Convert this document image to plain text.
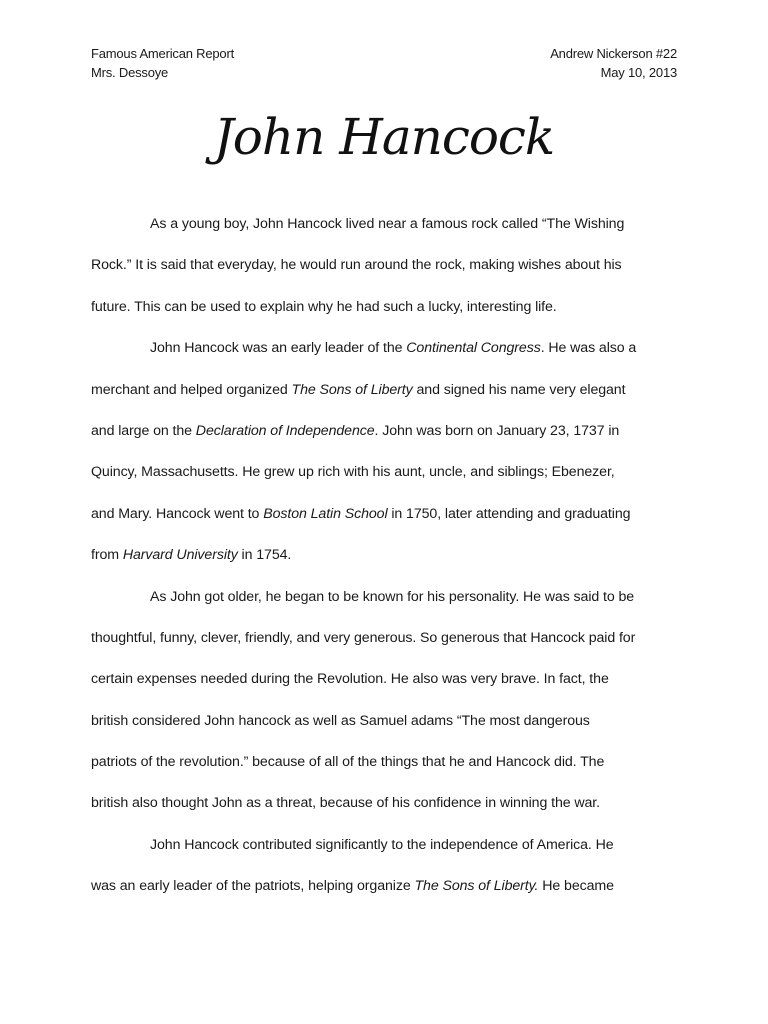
Famous American Report
Mrs. Dessoye
Andrew Nickerson #22
May 10, 2013
John Hancock
As a young boy, John Hancock lived near a famous rock called “The Wishing
Rock.” It is said that everyday, he would run around the rock, making wishes about his
future. This can be used to explain why he had such a lucky, interesting life.
John Hancock was an early leader of the Continental Congress. He was also a
merchant and helped organized The Sons of Liberty and signed his name very elegant
and large on the Declaration of Independence. John was born on January 23, 1737 in
Quincy, Massachusetts. He grew up rich with his aunt, uncle, and siblings; Ebenezer,
and Mary. Hancock went to Boston Latin School in 1750, later attending and graduating
from Harvard University in 1754.
As John got older, he began to be known for his personality. He was said to be
thoughtful, funny, clever, friendly, and very generous. So generous that Hancock paid for
certain expenses needed during the Revolution. He also was very brave. In fact, the
british considered John hancock as well as Samuel adams “The most dangerous
patriots of the revolution.” because of all of the things that he and Hancock did. The
british also thought John as a threat, because of his confidence in winning the war.
John Hancock contributed significantly to the independence of America. He
was an early leader of the patriots, helping organize The Sons of Liberty. He became
